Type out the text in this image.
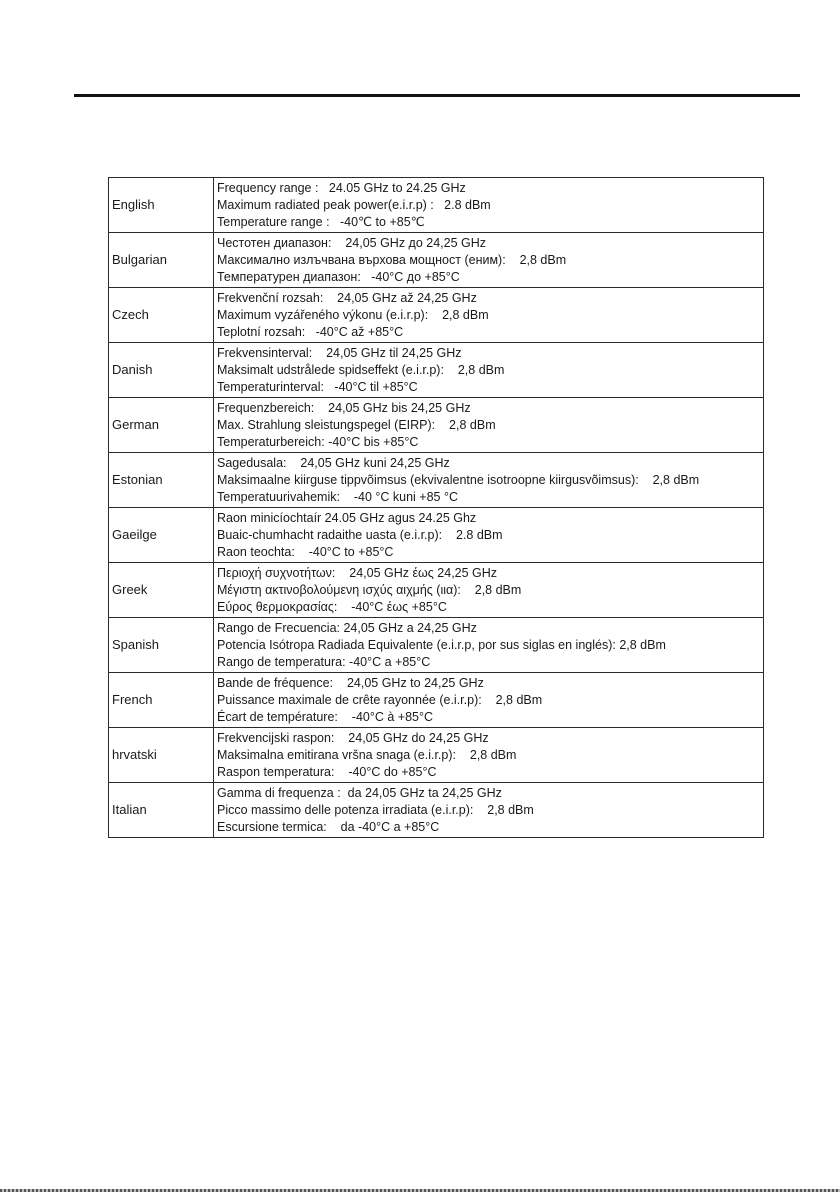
English	Frequency range :   24.05 GHz to 24.25 GHz
Maximum radiated peak power(e.i.r.p) :   2.8 dBm
Temperature range :   -40℃ to +85℃

Bulgarian	Честотен диапазон:    24,05 GHz до 24,25 GHz
Максимално излъчвана върхова мощност (еним):    2,8 dBm
Температурен диапазон:   -40°C до +85°C

Czech	Frekvenční rozsah:    24,05 GHz až 24,25 GHz
Maximum vyzářeného výkonu (e.i.r.p):    2,8 dBm
Teplotní rozsah:   -40°C až +85°C

Danish	Frekvensinterval:    24,05 GHz til 24,25 GHz
Maksimalt udstrålede spidseffekt (e.i.r.p):    2,8 dBm
Temperaturinterval:   -40°C til +85°C

German	Frequenzbereich:    24,05 GHz bis 24,25 GHz
Max. Strahlung sleistungspegel (EIRP):    2,8 dBm
Temperaturbereich: -40°C bis +85°C

Estonian	Sagedusala:    24,05 GHz kuni 24,25 GHz
Maksimaalne kiirguse tippvõimsus (ekvivalentne isotroopne kiirgusvõimsus):    2,8 dBm
Temperatuurivahemik:    -40 °C kuni +85 °C

Gaeilge	Raon minicíochtaír 24.05 GHz agus 24.25 Ghz
Buaic-chumhacht radaithe uasta (e.i.r.p):    2.8 dBm
Raon teochta:    -40°C to +85°C

Greek	Περιοχή συχνοτήτων:    24,05 GHz έως 24,25 GHz
Μέγιστη ακτινοβολούμενη ισχύς αιχμής (ιια):    2,8 dBm
Εύρος θερμοκρασίας:    -40°C έως +85°C

Spanish	Rango de Frecuencia: 24,05 GHz a 24,25 GHz
Potencia Isótropa Radiada Equivalente (e.i.r.p, por sus siglas en inglés): 2,8 dBm
Rango de temperatura: -40°C a +85°C

French	Bande de fréquence:    24,05 GHz to 24,25 GHz
Puissance maximale de crête rayonnée (e.i.r.p):    2,8 dBm
Écart de température:    -40°C à +85°C

hrvatski	Frekvencijski raspon:    24,05 GHz do 24,25 GHz
Maksimalna emitirana vršna snaga (e.i.r.p):    2,8 dBm
Raspon temperatura:    -40°C do +85°C

Italian	Gamma di frequenza :  da 24,05 GHz ta 24,25 GHz
Picco massimo delle potenza irradiata (e.i.r.p):    2,8 dBm
Escursione termica:    da -40°C a +85°C
